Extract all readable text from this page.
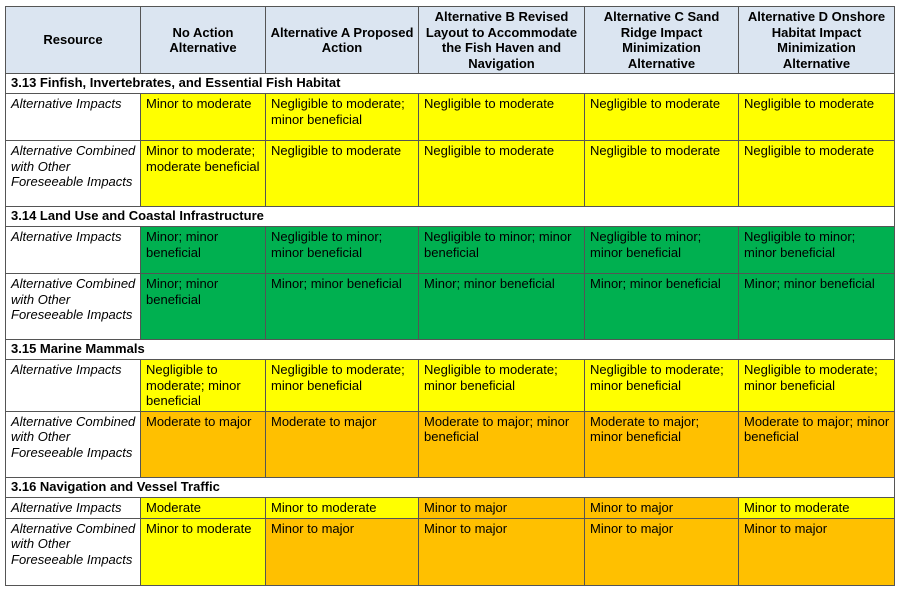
Resource	No Action Alternative	Alternative A Proposed Action	Alternative B Revised Layout to Accommodate the Fish Haven and Navigation	Alternative C Sand Ridge Impact Minimization Alternative	Alternative D Onshore Habitat Impact Minimization Alternative
3.13 Finfish, Invertebrates, and Essential Fish Habitat					
Alternative Impacts	Minor to moderate	Negligible to moderate; minor beneficial	Negligible to moderate	Negligible to moderate	Negligible to moderate
Alternative Combined with Other Foreseeable Impacts	Minor to moderate; moderate beneficial	Negligible to moderate	Negligible to moderate	Negligible to moderate	Negligible to moderate
3.14 Land Use and Coastal Infrastructure					
Alternative Impacts	Minor; minor beneficial	Negligible to minor; minor beneficial	Negligible to minor; minor beneficial	Negligible to minor; minor beneficial	Negligible to minor; minor beneficial
Alternative Combined with Other Foreseeable Impacts	Minor; minor beneficial	Minor; minor beneficial	Minor; minor beneficial	Minor; minor beneficial	Minor; minor beneficial
3.15 Marine Mammals					
Alternative Impacts	Negligible to moderate; minor beneficial	Negligible to moderate; minor beneficial	Negligible to moderate; minor beneficial	Negligible to moderate; minor beneficial	Negligible to moderate; minor beneficial
Alternative Combined with Other Foreseeable Impacts	Moderate to major	Moderate to major	Moderate to major; minor beneficial	Moderate to major; minor beneficial	Moderate to major; minor beneficial
3.16 Navigation and Vessel Traffic					
Alternative Impacts	Moderate	Minor to moderate	Minor to major	Minor to major	Minor to moderate
Alternative Combined with Other Foreseeable Impacts	Minor to moderate	Minor to major	Minor to major	Minor to major	Minor to major
